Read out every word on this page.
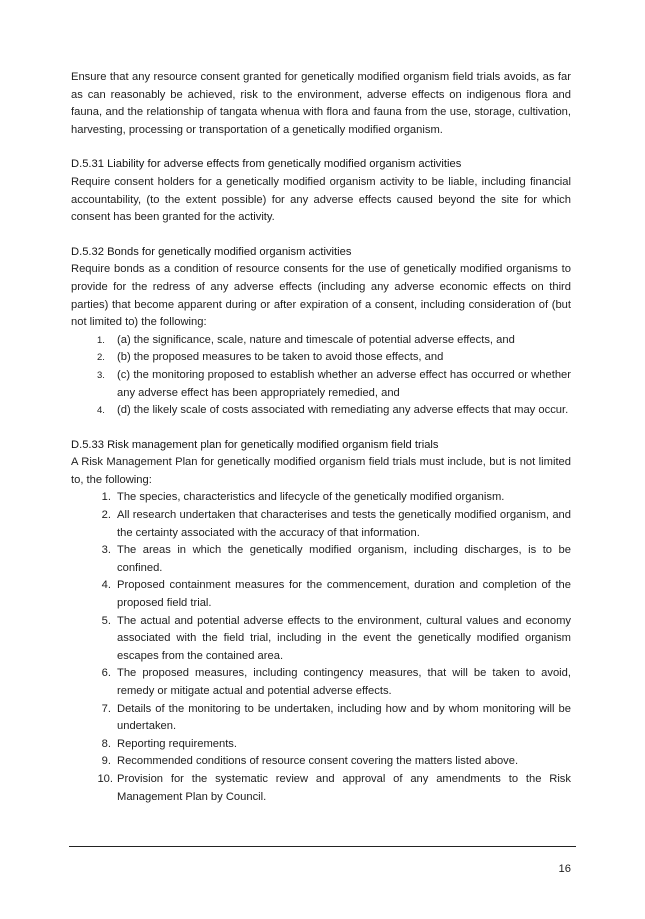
Ensure that any resource consent granted for genetically modified organism field trials avoids, as far as can reasonably be achieved, risk to the environment, adverse effects on indigenous flora and fauna, and the relationship of tangata whenua with flora and fauna from the use, storage, cultivation, harvesting, processing or transportation of a genetically modified organism.

D.5.31 Liability for adverse effects from genetically modified organism activities

Require consent holders for a genetically modified organism activity to be liable, including financial accountability, (to the extent possible) for any adverse effects caused beyond the site for which consent has been granted for the activity.

D.5.32 Bonds for genetically modified organism activities

Require bonds as a condition of resource consents for the use of genetically modified organisms to provide for the redress of any adverse effects (including any adverse economic effects on third parties) that become apparent during or after expiration of a consent, including consideration of (but not limited to) the following:

1. (a) the significance, scale, nature and timescale of potential adverse effects, and
2. (b) the proposed measures to be taken to avoid those effects, and
3. (c) the monitoring proposed to establish whether an adverse effect has occurred or whether any adverse effect has been appropriately remedied, and
4. (d) the likely scale of costs associated with remediating any adverse effects that may occur.
D.5.33 Risk management plan for genetically modified organism field trials

A Risk Management Plan for genetically modified organism field trials must include, but is not limited to, the following:

1. The species, characteristics and lifecycle of the genetically modified organism.
2. All research undertaken that characterises and tests the genetically modified organism, and the certainty associated with the accuracy of that information.
3. The areas in which the genetically modified organism, including discharges, is to be confined.
4. Proposed containment measures for the commencement, duration and completion of the proposed field trial.
5. The actual and potential adverse effects to the environment, cultural values and economy associated with the field trial, including in the event the genetically modified organism escapes from the contained area.
6. The proposed measures, including contingency measures, that will be taken to avoid, remedy or mitigate actual and potential adverse effects.
7. Details of the monitoring to be undertaken, including how and by whom monitoring will be undertaken.
8. Reporting requirements.
9. Recommended conditions of resource consent covering the matters listed above.
10. Provision for the systematic review and approval of any amendments to the Risk Management Plan by Council.
16
